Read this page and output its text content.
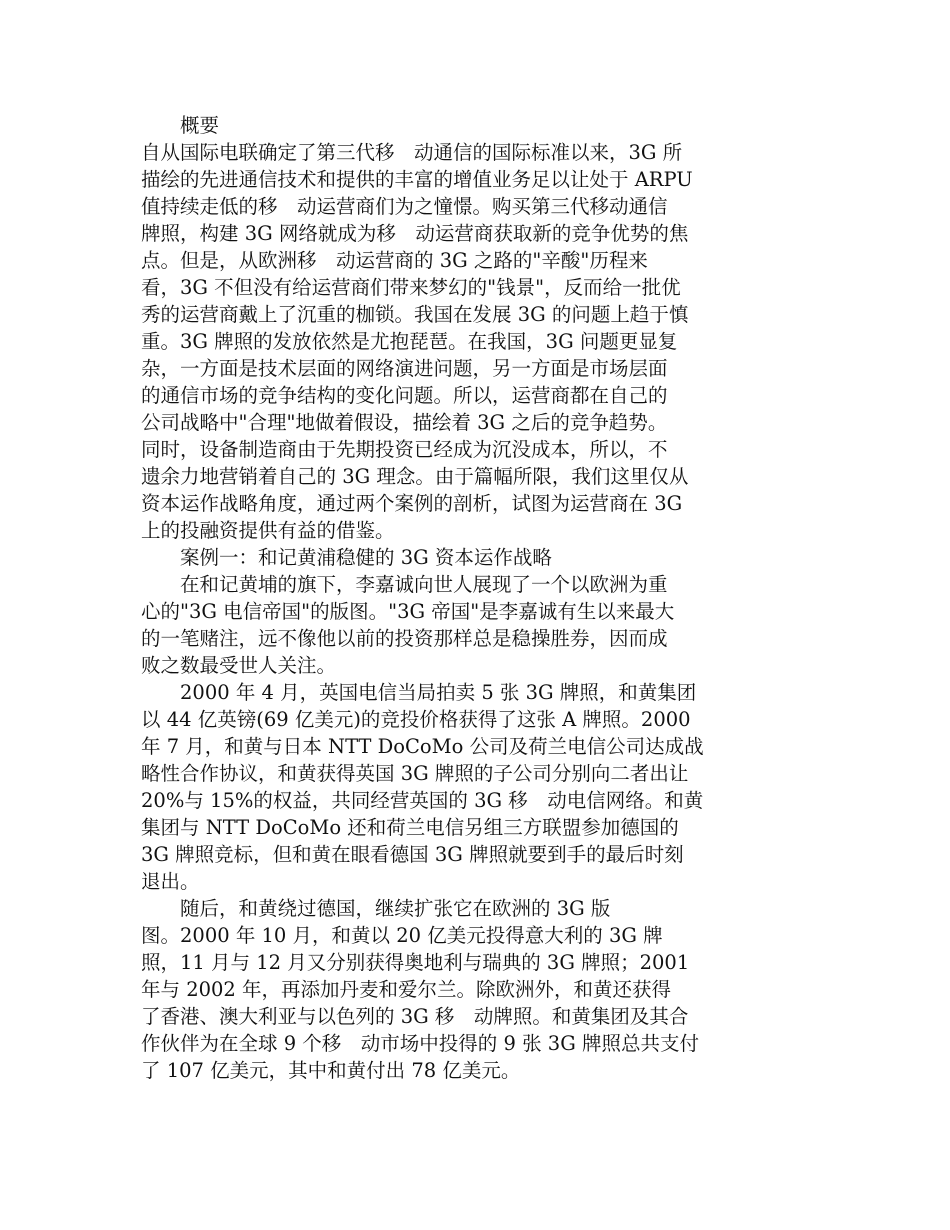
　　概要
自从国际电联确定了第三代移　动通信的国际标准以来，3G 所
描绘的先进通信技术和提供的丰富的增值业务足以让处于 ARPU
值持续走低的移　动运营商们为之憧憬。购买第三代移动通信
牌照，构建 3G 网络就成为移　动运营商获取新的竞争优势的焦
点。但是，从欧洲移　动运营商的 3G 之路的"辛酸"历程来
看，3G 不但没有给运营商们带来梦幻的"钱景"，反而给一批优
秀的运营商戴上了沉重的枷锁。我国在发展 3G 的问题上趋于慎
重。3G 牌照的发放依然是尤抱琵琶。在我国，3G 问题更显复
杂，一方面是技术层面的网络演进问题，另一方面是市场层面
的通信市场的竞争结构的变化问题。所以，运营商都在自己的
公司战略中"合理"地做着假设，描绘着 3G 之后的竞争趋势。
同时，设备制造商由于先期投资已经成为沉没成本，所以，不
遗余力地营销着自己的 3G 理念。由于篇幅所限，我们这里仅从
资本运作战略角度，通过两个案例的剖析，试图为运营商在 3G
上的投融资提供有益的借鉴。
　　案例一：和记黄浦稳健的 3G 资本运作战略
　　在和记黄埔的旗下，李嘉诚向世人展现了一个以欧洲为重
心的"3G 电信帝国"的版图。"3G 帝国"是李嘉诚有生以来最大
的一笔赌注，远不像他以前的投资那样总是稳操胜券，因而成
败之数最受世人关注。
　　2000 年 4 月，英国电信当局拍卖 5 张 3G 牌照，和黄集团
以 44 亿英镑(69 亿美元)的竞投价格获得了这张 A 牌照。2000
年 7 月，和黄与日本 NTT DoCoMo 公司及荷兰电信公司达成战
略性合作协议，和黄获得英国 3G 牌照的子公司分别向二者出让
20%与 15%的权益，共同经营英国的 3G 移　动电信网络。和黄
集团与 NTT DoCoMo 还和荷兰电信另组三方联盟参加德国的
3G 牌照竞标，但和黄在眼看德国 3G 牌照就要到手的最后时刻
退出。
　　随后，和黄绕过德国，继续扩张它在欧洲的 3G 版
图。2000 年 10 月，和黄以 20 亿美元投得意大利的 3G 牌
照，11 月与 12 月又分别获得奥地利与瑞典的 3G 牌照；2001
年与 2002 年，再添加丹麦和爱尔兰。除欧洲外，和黄还获得
了香港、澳大利亚与以色列的 3G 移　动牌照。和黄集团及其合
作伙伴为在全球 9 个移　动市场中投得的 9 张 3G 牌照总共支付
了 107 亿美元，其中和黄付出 78 亿美元。
